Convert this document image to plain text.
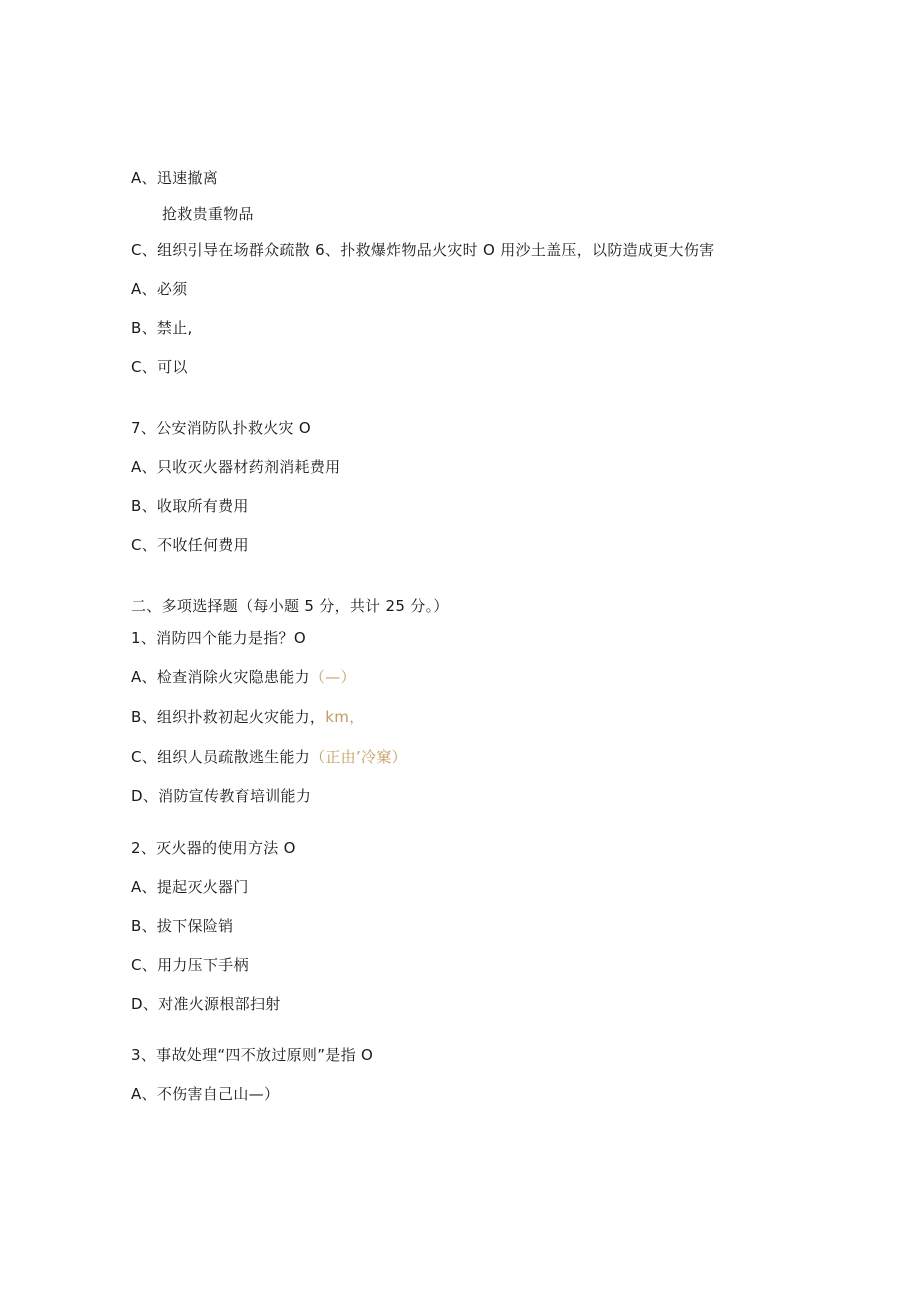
A、迅速撤离
抢救贵重物品
C、组织引导在场群众疏散 6、扑救爆炸物品火灾时 O 用沙土盖压，以防造成更大伤害
A、必须
B、禁止,
C、可以
7、公安消防队扑救火灾 O
A、只收灭火器材药剂消耗费用
B、收取所有费用
C、不收任何费用
二、多项选择题（每小题 5 分，共计 25 分。）
1、消防四个能力是指？O
A、检查消除火灾隐患能力（—）
B、组织扑救初起火灾能力，km，
C、组织人员疏散逃生能力（正由’冷窠）
D、消防宣传教育培训能力
2、灭火器的使用方法 O
A、提起灭火器门
B、拔下保险销
C、用力压下手柄
D、对准火源根部扫射
3、事故处理“四不放过原则”是指 O
A、不伤害自己山—）
